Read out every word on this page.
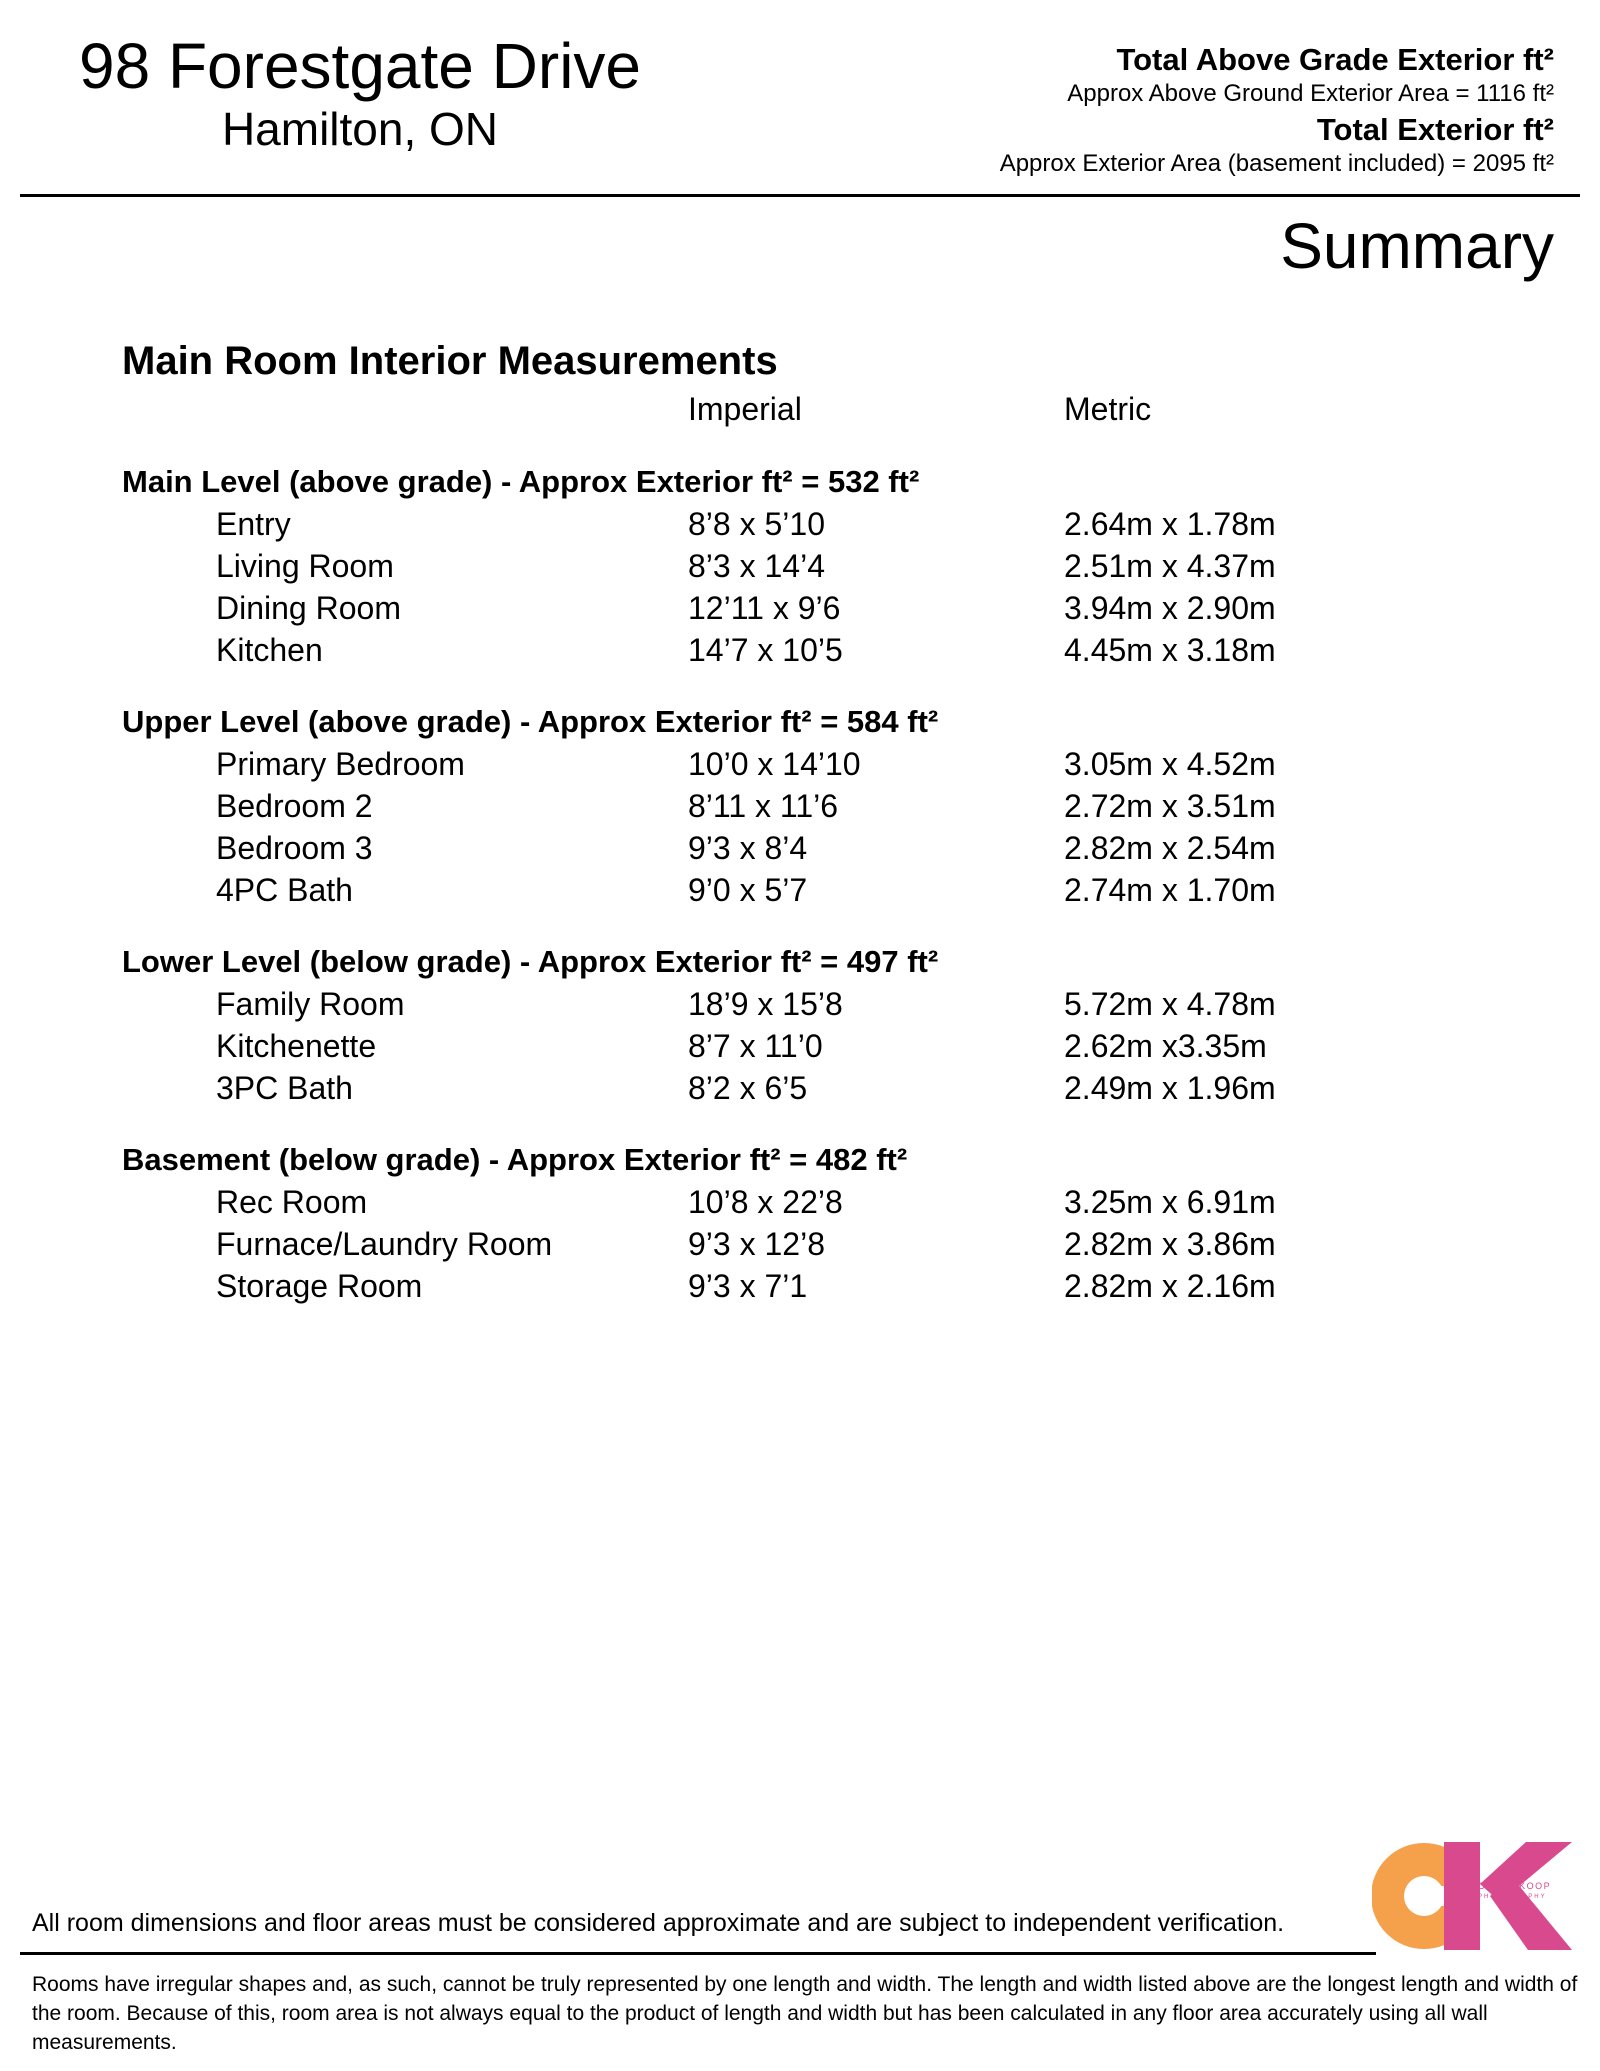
98 Forestgate Drive
Hamilton, ON
Total Above Grade Exterior ft²
Approx Above Ground Exterior Area = 1116 ft²
Total Exterior ft²
Approx Exterior Area (basement included) = 2095 ft²
Summary
Main Room Interior Measurements
Imperial	Metric
Main Level (above grade) - Approx Exterior ft² = 532 ft²
Entry	8’8 x 5’10	2.64m x 1.78m
Living Room	8’3 x 14’4	2.51m x 4.37m
Dining Room	12’11 x 9’6	3.94m x 2.90m
Kitchen	14’7 x 10’5	4.45m x 3.18m
Upper Level (above grade) - Approx Exterior ft² = 584 ft²
Primary Bedroom	10’0 x 14’10	3.05m x 4.52m
Bedroom 2	8’11 x 11’6	2.72m x 3.51m
Bedroom 3	9’3 x 8’4	2.82m x 2.54m
4PC Bath	9’0 x 5’7	2.74m x 1.70m
Lower Level (below grade) - Approx Exterior ft² = 497 ft²
Family Room	18’9 x 15’8	5.72m x 4.78m
Kitchenette	8’7 x 11’0	2.62m x3.35m
3PC Bath	8’2 x 6’5	2.49m x 1.96m
Basement (below grade) - Approx Exterior ft² = 482 ft²
Rec Room	10’8 x 22’8	3.25m x 6.91m
Furnace/Laundry Room	9’3 x 12’8	2.82m x 3.86m
Storage Room	9’3 x 7’1	2.82m x 2.16m
All room dimensions and floor areas must be considered approximate and are subject to independent verification.
Rooms have irregular shapes and, as such, cannot be truly represented by one length and width. The length and width listed above are the longest length and width of the room. Because of this, room area is not always equal to the product of length and width but has been calculated in any floor area accurately using all wall measurements.
CATHY KOOP
PHOTOGRAPHY
